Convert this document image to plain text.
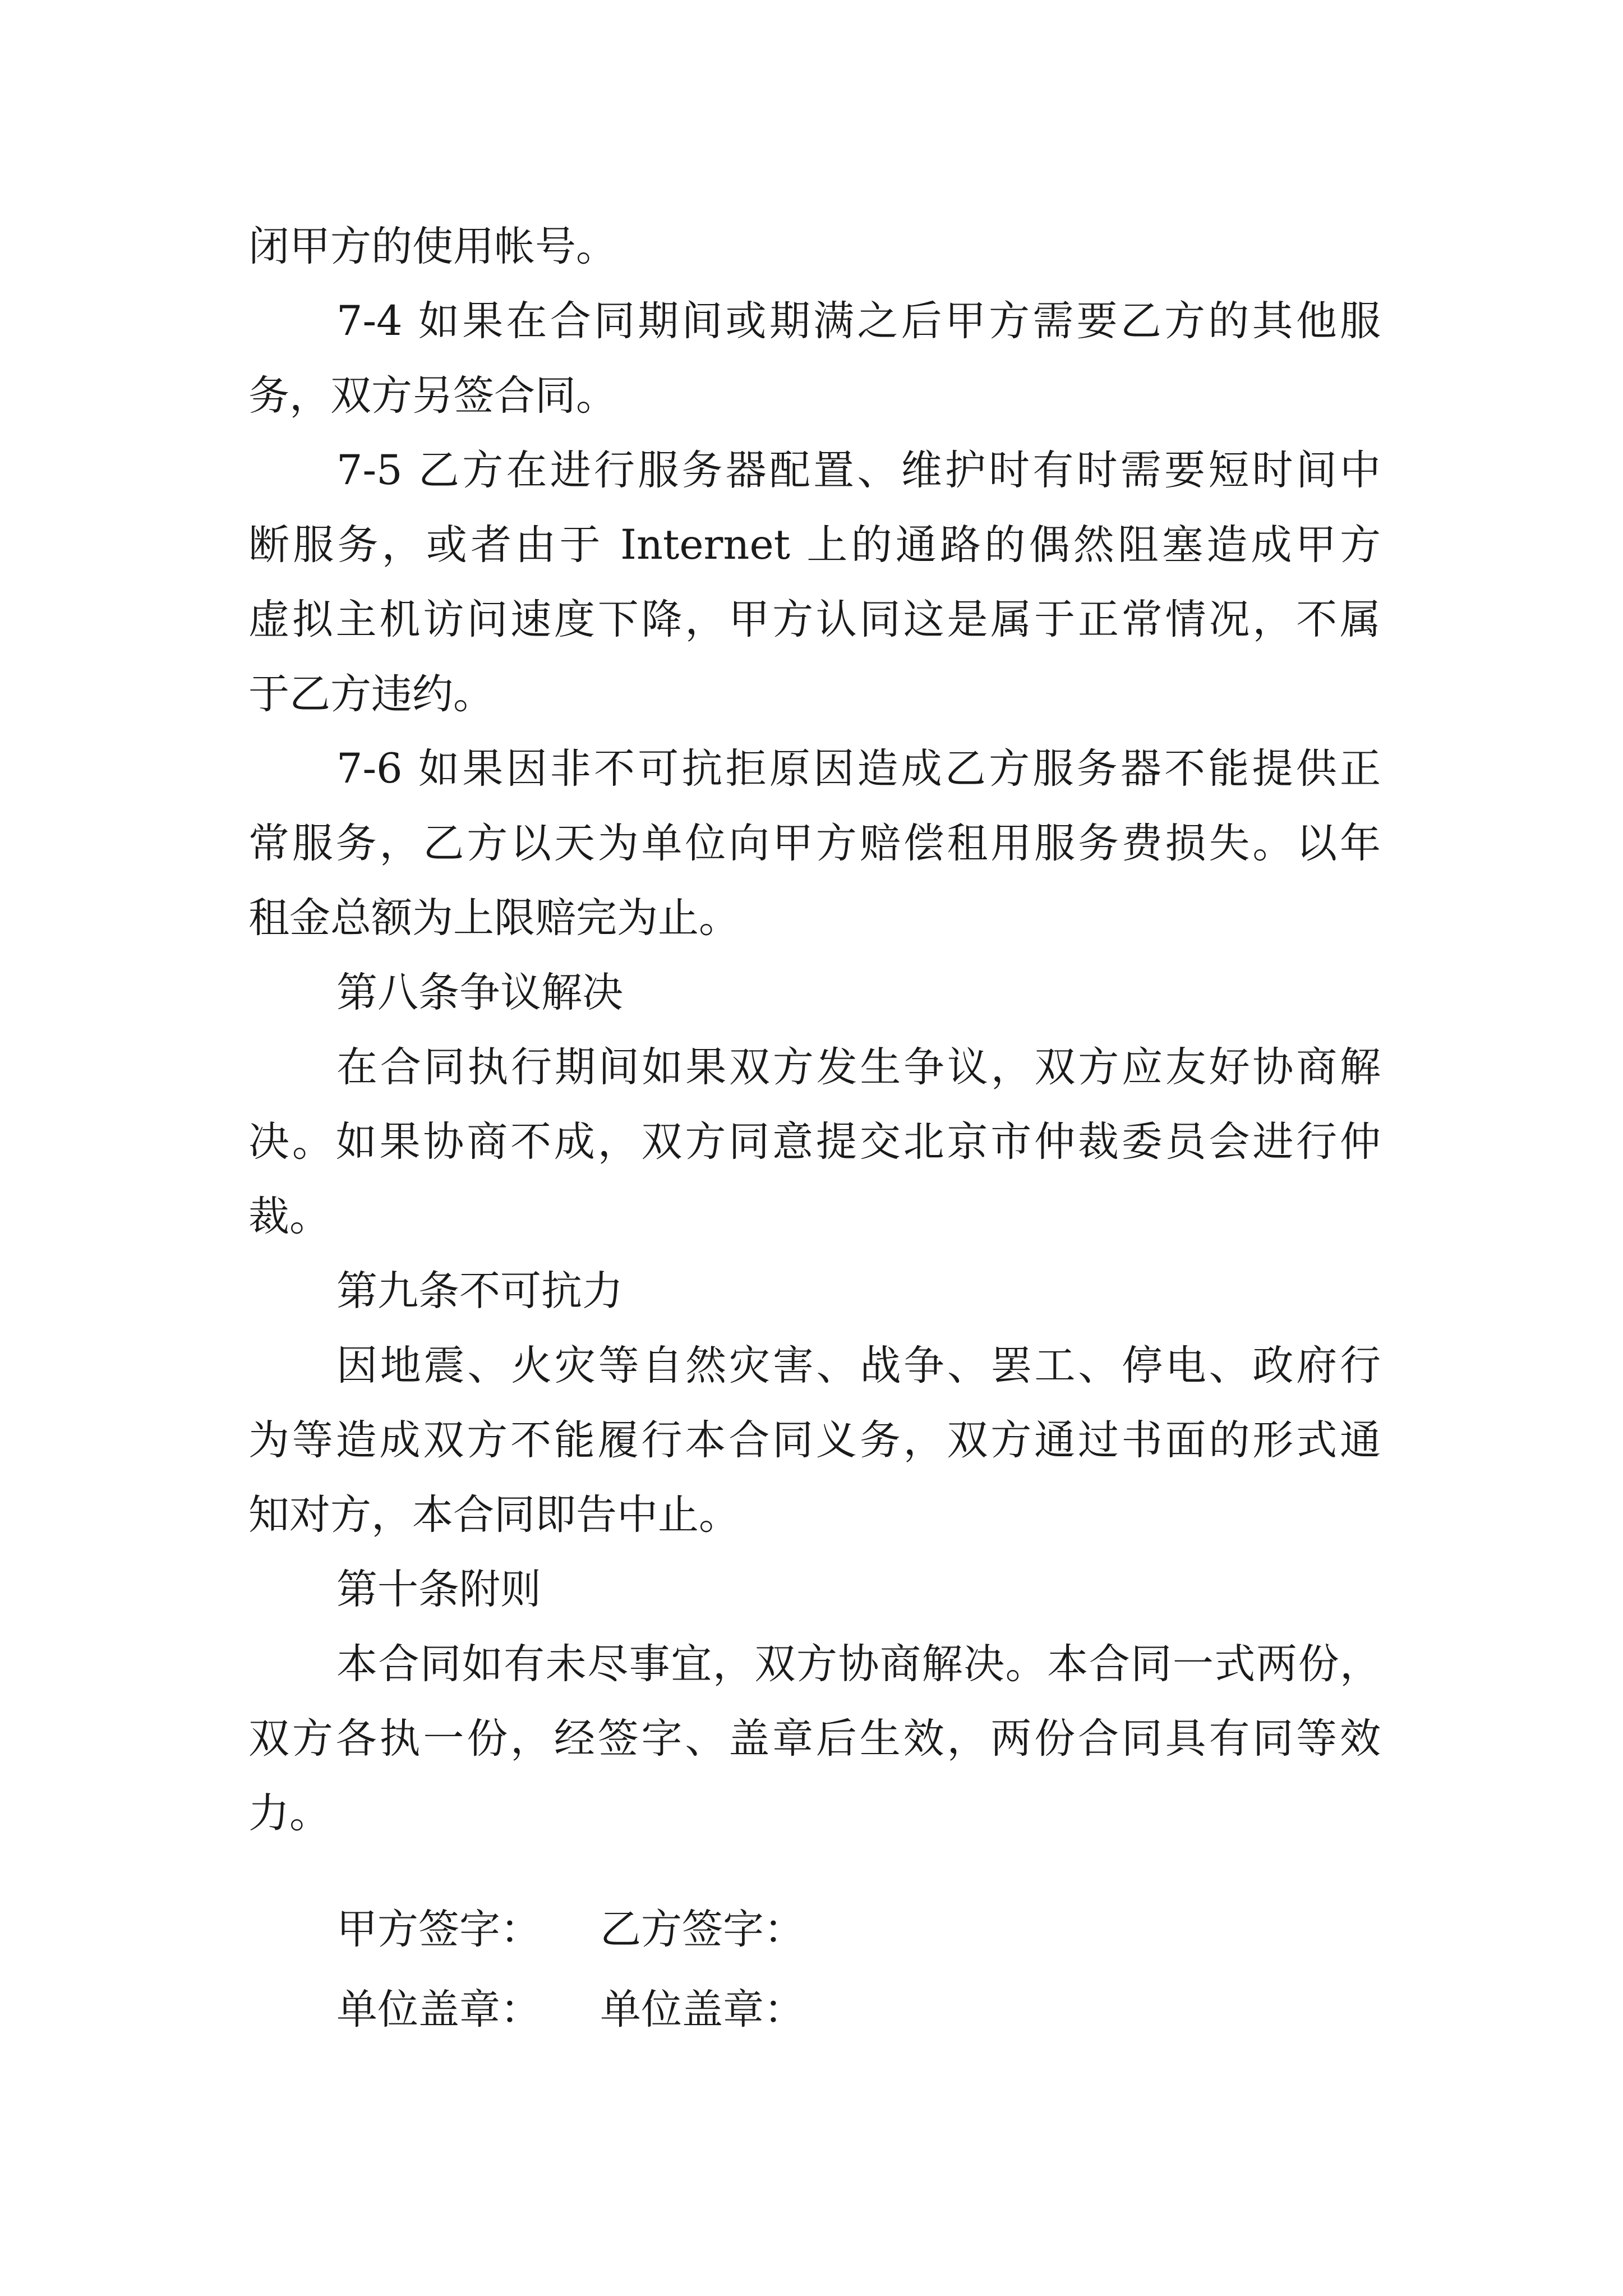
闭甲方的使用帐号。
7-4 如果在合同期间或期满之后甲方需要乙方的其他服
务，双方另签合同。
7-5 乙方在进行服务器配置、维护时有时需要短时间中
断服务，或者由于 Internet 上的通路的偶然阻塞造成甲方
虚拟主机访问速度下降，甲方认同这是属于正常情况，不属
于乙方违约。
7-6 如果因非不可抗拒原因造成乙方服务器不能提供正
常服务，乙方以天为单位向甲方赔偿租用服务费损失。以年
租金总额为上限赔完为止。
第八条争议解决
在合同执行期间如果双方发生争议，双方应友好协商解
决。如果协商不成，双方同意提交北京市仲裁委员会进行仲
裁。
第九条不可抗力
因地震、火灾等自然灾害、战争、罢工、停电、政府行
为等造成双方不能履行本合同义务，双方通过书面的形式通
知对方，本合同即告中止。
第十条附则
本合同如有未尽事宜，双方协商解决。本合同一式两份，
双方各执一份，经签字、盖章后生效，两份合同具有同等效
力。
甲方签字： 乙方签字：
单位盖章： 单位盖章：
